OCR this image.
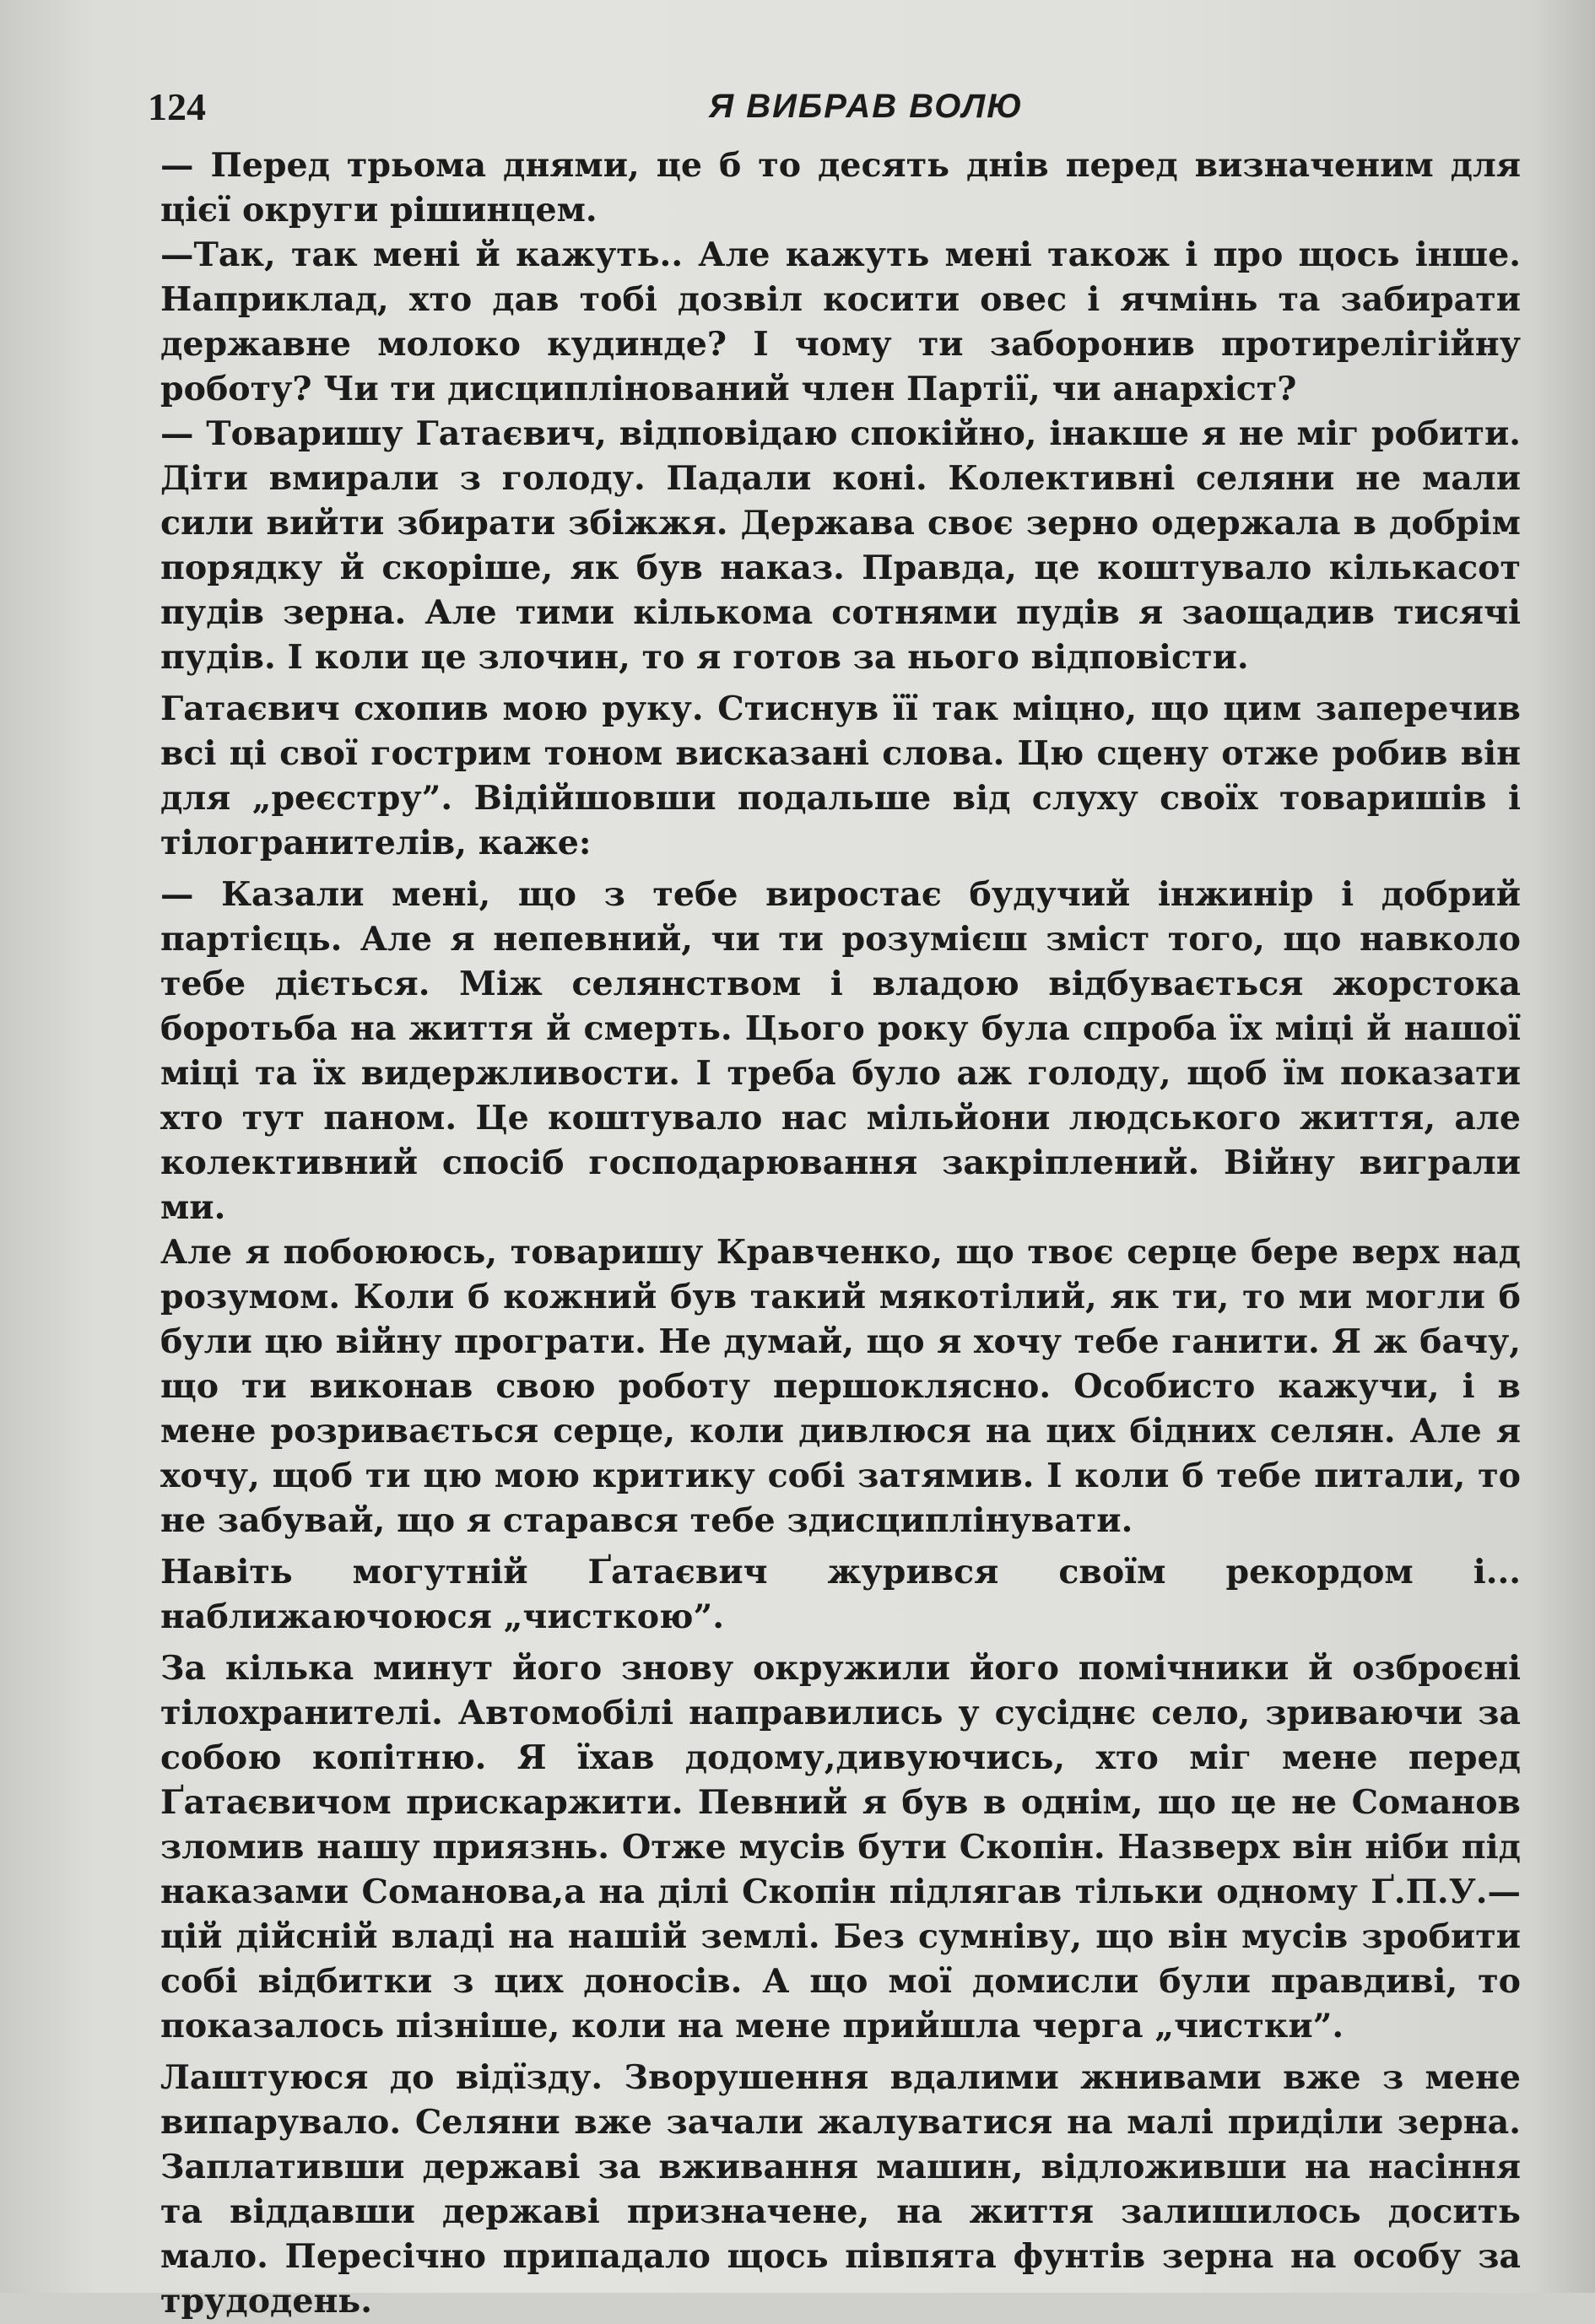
124	Я ВИБРАВ ВОЛЮ

— Перед трьома днями, це б то десять днів перед визначеним для цієї округи рішинцем.

—Так, так мені й кажуть.. Але кажуть мені також і про щось інше. Наприклад, хто дав тобі дозвіл косити овес і ячмінь та забирати державне молоко кудинде? І чому ти заборонив протирелігійну роботу? Чи ти дисциплінований член Партії, чи анархіст?

— Товаришу Гатаєвич, відповідаю спокійно, інакше я не міг робити. Діти вмирали з голоду. Падали коні. Колективні селяни не мали сили вийти збирати збіжжя. Держава своє зерно одержала в добрім порядку й скоріше, як був наказ. Правда, це коштувало кількасот пудів зерна. Але тими кількома сотнями пудів я заощадив тисячі пудів. І коли це злочин, то я готов за нього відповісти.

Гатаєвич схопив мою руку. Стиснув її так міцно, що цим заперечив всі ці свої гострим тоном висказані слова. Цю сцену отже робив він для „реєстру”. Відійшовши подальше від слуху своїх товаришів і тілогранителів, каже:

— Казали мені, що з тебе виростає будучий інжинір і добрий партієць. Але я непевний, чи ти розумієш зміст того, що навколо тебе діється. Між селянством і владою відбувається жорстока боротьба на життя й смерть. Цього року була спроба їх міці й нашої міці та їх видержливости. І треба було аж голоду, щоб їм показати хто тут паном. Це коштувало нас мільйони людського життя, але колективний спосіб господарювання закріплений. Війну виграли ми.

Але я побоююсь, товаришу Кравченко, що твоє серце бере верх над розумом. Коли б кожний був такий мякотілий, як ти, то ми могли б були цю війну програти. Не думай, що я хочу тебе ганити. Я ж бачу, що ти виконав свою роботу першоклясно. Особисто кажучи, і в мене розривається серце, коли дивлюся на цих бідних селян. Але я хочу, щоб ти цю мою критику собі затямив. І коли б тебе питали, то не забувай, що я старався тебе здисциплінувати.

Навіть могутній Ґатаєвич журився своїм рекордом і... наближаючоюся „чисткою”.

За кілька минут його знову окружили його помічники й озброєні тілохранителі. Автомобілі направились у сусіднє село, зриваючи за собою копітню. Я їхав додому,дивуючись, хто міг мене перед Ґатаєвичом прискаржити. Певний я був в однім, що це не Соманов зломив нашу приязнь. Отже мусів бути Скопін. Назверх він ніби під наказами Соманова,а на ділі Скопін підлягав тільки одному Ґ.П.У.— цій дійсній владі на нашій землі. Без сумніву, що він мусів зробити собі відбитки з цих доносів. А що мої домисли були правдиві, то показалось пізніше, коли на мене прийшла черга „чистки”.

Лаштуюся до відїзду. Зворушення вдалими жнивами вже з мене випарувало. Селяни вже зачали жалуватися на малі приділи зерна. Заплативши державі за вживання машин, відложивши на насіння та віддавши державі призначене, на життя залишилось досить мало. Пересічно припадало щось півпята фунтів зерна на особу за трудодень.
